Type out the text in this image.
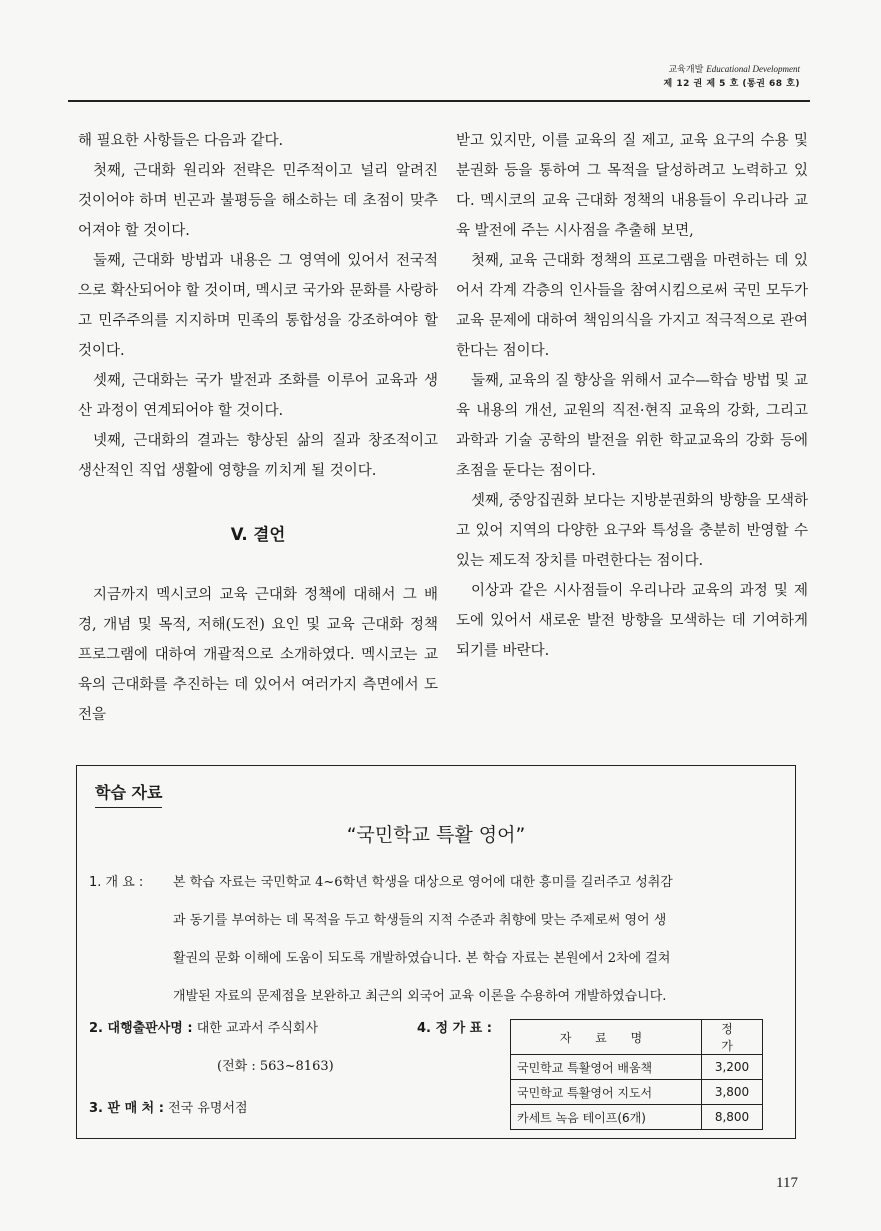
교육개발 Educational Development
제 12 권 제 5 호 (통권 68 호)

해 필요한 사항들은 다음과 같다.

첫째, 근대화 원리와 전략은 민주적이고 널리 알려진 것이어야 하며 빈곤과 불평등을 해소하는 데 초점이 맞추어져야 할 것이다.

둘째, 근대화 방법과 내용은 그 영역에 있어서 전국적으로 확산되어야 할 것이며, 멕시코 국가와 문화를 사랑하고 민주주의를 지지하며 민족의 통합성을 강조하여야 할 것이다.

셋째, 근대화는 국가 발전과 조화를 이루어 교육과 생산 과정이 연계되어야 할 것이다.

넷째, 근대화의 결과는 향상된 삶의 질과 창조적이고 생산적인 직업 생활에 영향을 끼치게 될 것이다.

V. 결언

지금까지 멕시코의 교육 근대화 정책에 대해서 그 배경, 개념 및 목적, 저해(도전) 요인 및 교육 근대화 정책 프로그램에 대하여 개괄적으로 소개하였다. 멕시코는 교육의 근대화를 추진하는 데 있어서 여러가지 측면에서 도전을

받고 있지만, 이를 교육의 질 제고, 교육 요구의 수용 및 분권화 등을 통하여 그 목적을 달성하려고 노력하고 있다. 멕시코의 교육 근대화 정책의 내용들이 우리나라 교육 발전에 주는 시사점을 추출해 보면,

첫째, 교육 근대화 정책의 프로그램을 마련하는 데 있어서 각계 각층의 인사들을 참여시킴으로써 국민 모두가 교육 문제에 대하여 책임의식을 가지고 적극적으로 관여한다는 점이다.

둘째, 교육의 질 향상을 위해서 교수—학습 방법 및 교육 내용의 개선, 교원의 직전·현직 교육의 강화, 그리고 과학과 기술 공학의 발전을 위한 학교교육의 강화 등에 초점을 둔다는 점이다.

셋째, 중앙집권화 보다는 지방분권화의 방향을 모색하고 있어 지역의 다양한 요구와 특성을 충분히 반영할 수 있는 제도적 장치를 마련한다는 점이다.

이상과 같은 시사점들이 우리나라 교육의 과정 및 제도에 있어서 새로운 발전 방향을 모색하는 데 기여하게 되기를 바란다.

학습 자료
“국민학교 특활 영어”
1. 개 요 : 본 학습 자료는 국민학교 4~6학년 학생을 대상으로 영어에 대한 흥미를 길러주고 성취감
과 동기를 부여하는 데 목적을 두고 학생들의 지적 수준과 취향에 맞는 주제로써 영어 생
활권의 문화 이해에 도움이 되도록 개발하였습니다. 본 학습 자료는 본원에서 2차에 걸쳐
개발된 자료의 문제점을 보완하고 최근의 외국어 교육 이론을 수용하여 개발하였습니다.
2. 대행출판사명 : 대한 교과서 주식회사
(전화 : 563~8163)
3. 판 매 처 : 전국 유명서점
4. 정 가 표 :
자 료 명	정 가
국민학교 특활영어 배움책	3,200
국민학교 특활영어 지도서	3,800
카세트 녹음 테이프(6개)	8,800
117
